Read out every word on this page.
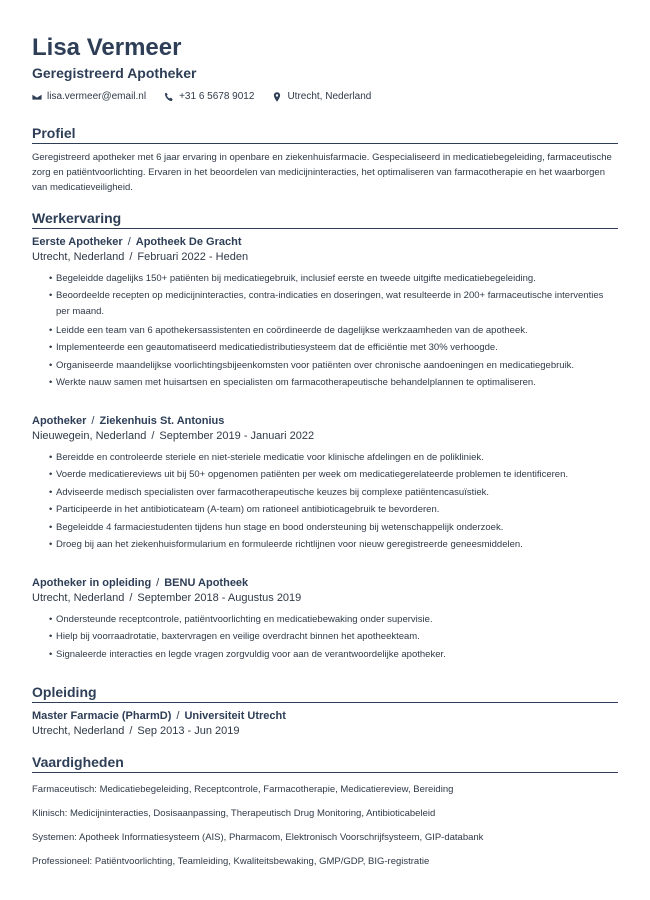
Lisa Vermeer
Geregistreerd Apotheker
lisa.vermeer@email.nl	+31 6 5678 9012	Utrecht, Nederland
Profiel
Geregistreerd apotheker met 6 jaar ervaring in openbare en ziekenhuisfarmacie. Gespecialiseerd in medicatiebegeleiding, farmaceutische zorg en patiëntvoorlichting. Ervaren in het beoordelen van medicijninteracties, het optimaliseren van farmacotherapie en het waarborgen van medicatieveiligheid.
Werkervaring
Eerste Apotheker / Apotheek De Gracht
Utrecht, Nederland / Februari 2022 - Heden
• Begeleidde dagelijks 150+ patiënten bij medicatiegebruik, inclusief eerste en tweede uitgifte medicatiebegeleiding.
• Beoordeelde recepten op medicijninteracties, contra-indicaties en doseringen, wat resulteerde in 200+ farmaceutische interventies per maand.
• Leidde een team van 6 apothekersassistenten en coördineerde de dagelijkse werkzaamheden van de apotheek.
• Implementeerde een geautomatiseerd medicatiedistributiesysteem dat de efficiëntie met 30% verhoogde.
• Organiseerde maandelijkse voorlichtingsbijeenkomsten voor patiënten over chronische aandoeningen en medicatiegebruik.
• Werkte nauw samen met huisartsen en specialisten om farmacotherapeutische behandelplannen te optimaliseren.
Apotheker / Ziekenhuis St. Antonius
Nieuwegein, Nederland / September 2019 - Januari 2022
• Bereidde en controleerde steriele en niet-steriele medicatie voor klinische afdelingen en de polikliniek.
• Voerde medicatiereviews uit bij 50+ opgenomen patiënten per week om medicatiegerelateerde problemen te identificeren.
• Adviseerde medisch specialisten over farmacotherapeutische keuzes bij complexe patiëntencasuïstiek.
• Participeerde in het antibioticateam (A-team) om rationeel antibioticagebruik te bevorderen.
• Begeleidde 4 farmaciestudenten tijdens hun stage en bood ondersteuning bij wetenschappelijk onderzoek.
• Droeg bij aan het ziekenhuisformularium en formuleerde richtlijnen voor nieuw geregistreerde geneesmiddelen.
Apotheker in opleiding / BENU Apotheek
Utrecht, Nederland / September 2018 - Augustus 2019
• Ondersteunde receptcontrole, patiëntvoorlichting en medicatiebewaking onder supervisie.
• Hielp bij voorraadrotatie, baxtervragen en veilige overdracht binnen het apotheekteam.
• Signaleerde interacties en legde vragen zorgvuldig voor aan de verantwoordelijke apotheker.
Opleiding
Master Farmacie (PharmD) / Universiteit Utrecht
Utrecht, Nederland / Sep 2013 - Jun 2019
Vaardigheden
Farmaceutisch: Medicatiebegeleiding, Receptcontrole, Farmacotherapie, Medicatiereview, Bereiding
Klinisch: Medicijninteracties, Dosisaanpassing, Therapeutisch Drug Monitoring, Antibioticabeleid
Systemen: Apotheek Informatiesysteem (AIS), Pharmacom, Elektronisch Voorschrijfsysteem, GIP-databank
Professioneel: Patiëntvoorlichting, Teamleiding, Kwaliteitsbewaking, GMP/GDP, BIG-registratie
